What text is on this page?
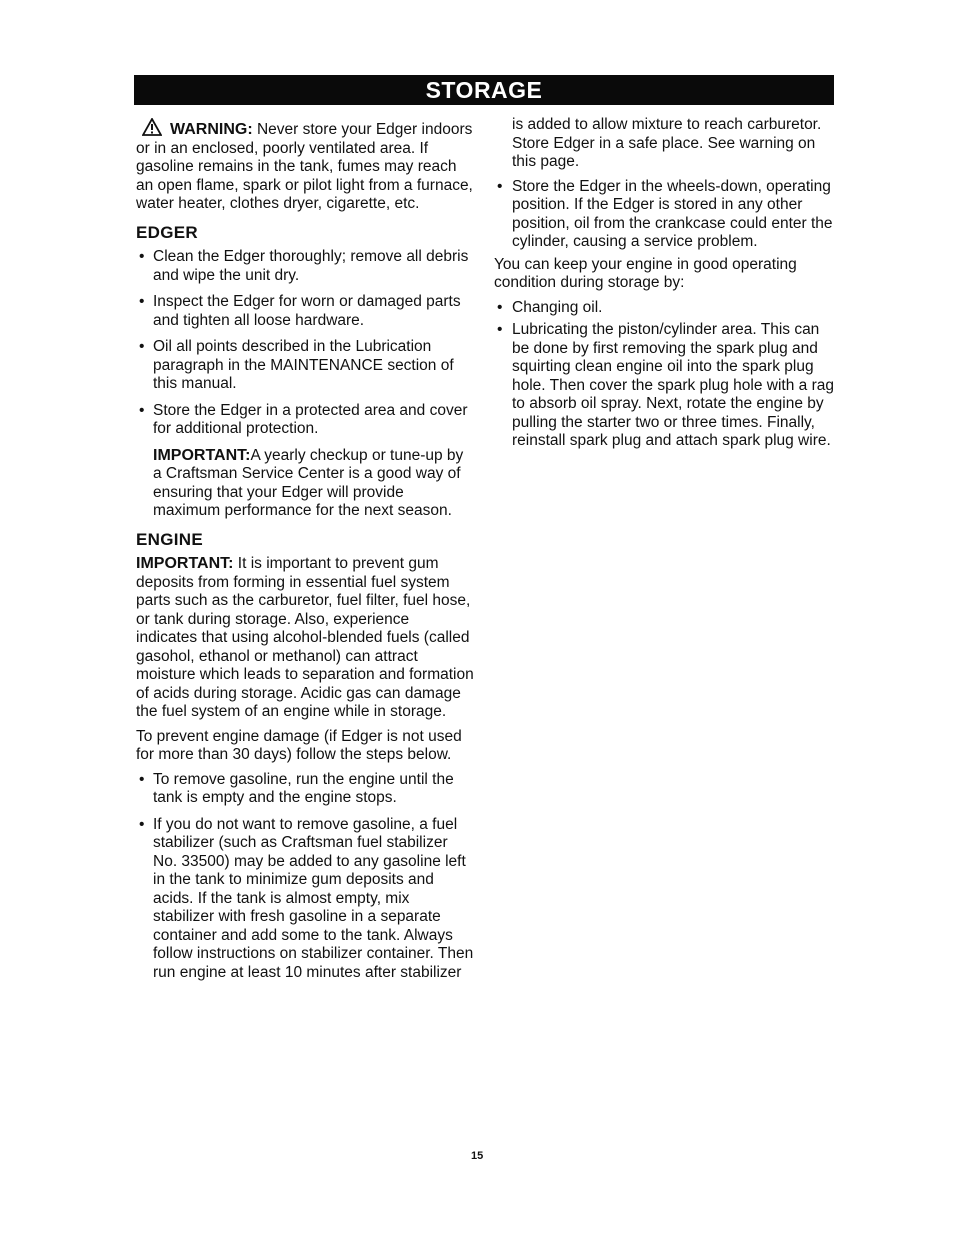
STORAGE

WARNING: Never store your Edger indoors or in an enclosed, poorly ventilated area. If gasoline remains in the tank, fumes may reach an open flame, spark or pilot light from a furnace, water heater, clothes dryer, cigarette, etc.

EDGER
• Clean the Edger thoroughly; remove all debris and wipe the unit dry.
• Inspect the Edger for worn or damaged parts and tighten all loose hardware.
• Oil all points described in the Lubrication paragraph in the MAINTENANCE section of this manual.
• Store the Edger in a protected area and cover for additional protection.

IMPORTANT:A yearly checkup or tune-up by a Craftsman Service Center is a good way of ensuring that your Edger will provide maximum performance for the next season.

ENGINE

IMPORTANT: It is important to prevent gum deposits from forming in essential fuel system parts such as the carburetor, fuel filter, fuel hose, or tank during storage. Also, experience indicates that using alcohol-blended fuels (called gasohol, ethanol or methanol) can attract moisture which leads to separation and formation of acids during storage. Acidic gas can damage the fuel system of an engine while in storage.

To prevent engine damage (if Edger is not used for more than 30 days) follow the steps below.

• To remove gasoline, run the engine until the tank is empty and the engine stops.
• If you do not want to remove gasoline, a fuel stabilizer (such as Craftsman fuel stabilizer No. 33500) may be added to any gasoline left in the tank to minimize gum deposits and acids. If the tank is almost empty, mix stabilizer with fresh gasoline in a separate container and add some to the tank. Always follow instructions on stabilizer container. Then run engine at least 10 minutes after stabilizer

is added to allow mixture to reach carburetor. Store Edger in a safe place. See warning on this page.

• Store the Edger in the wheels-down, operating position. If the Edger is stored in any other position, oil from the crankcase could enter the cylinder, causing a service problem.

You can keep your engine in good operating condition during storage by:

• Changing oil.
• Lubricating the piston/cylinder area. This can be done by first removing the spark plug and squirting clean engine oil into the spark plug hole. Then cover the spark plug hole with a rag to absorb oil spray. Next, rotate the engine by pulling the starter two or three times. Finally, reinstall spark plug and attach spark plug wire.
15
